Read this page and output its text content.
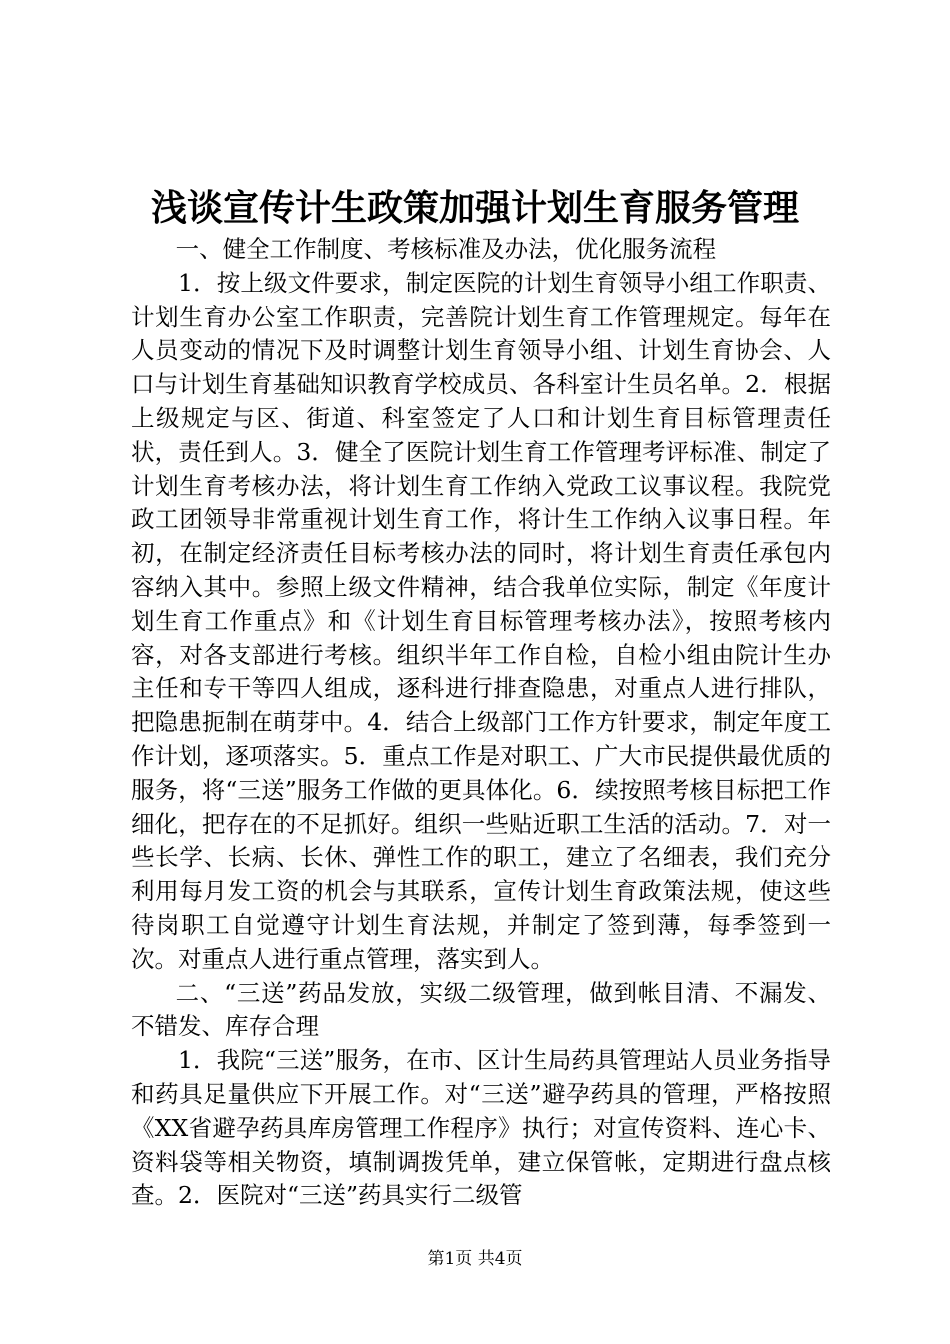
浅谈宣传计生政策加强计划生育服务管理

一、健全工作制度、考核标准及办法，优化服务流程

1．按上级文件要求，制定医院的计划生育领导小组工作职责、计划生育办公室工作职责，完善院计划生育工作管理规定。每年在人员变动的情况下及时调整计划生育领导小组、计划生育协会、人口与计划生育基础知识教育学校成员、各科室计生员名单。2．根据上级规定与区、街道、科室签定了人口和计划生育目标管理责任状，责任到人。3．健全了医院计划生育工作管理考评标准、制定了计划生育考核办法，将计划生育工作纳入党政工议事议程。我院党政工团领导非常重视计划生育工作，将计生工作纳入议事日程。年初，在制定经济责任目标考核办法的同时，将计划生育责任承包内容纳入其中。参照上级文件精神，结合我单位实际，制定《年度计划生育工作重点》和《计划生育目标管理考核办法》，按照考核内容，对各支部进行考核。组织半年工作自检，自检小组由院计生办主任和专干等四人组成，逐科进行排查隐患，对重点人进行排队，把隐患扼制在萌芽中。4．结合上级部门工作方针要求，制定年度工作计划，逐项落实。5．重点工作是对职工、广大市民提供最优质的服务，将“三送”服务工作做的更具体化。6．续按照考核目标把工作细化，把存在的不足抓好。组织一些贴近职工生活的活动。7．对一些长学、长病、长休、弹性工作的职工，建立了名细表，我们充分利用每月发工资的机会与其联系，宣传计划生育政策法规，使这些待岗职工自觉遵守计划生育法规，并制定了签到薄，每季签到一次。对重点人进行重点管理，落实到人。

二、“三送”药品发放，实级二级管理，做到帐目清、不漏发、不错发、库存合理

1．我院“三送”服务，在市、区计生局药具管理站人员业务指导和药具足量供应下开展工作。对“三送”避孕药具的管理，严格按照《XX省避孕药具库房管理工作程序》执行；对宣传资料、连心卡、资料袋等相关物资，填制调拨凭单，建立保管帐，定期进行盘点核查。2．医院对“三送”药具实行二级管

第1页 共4页
